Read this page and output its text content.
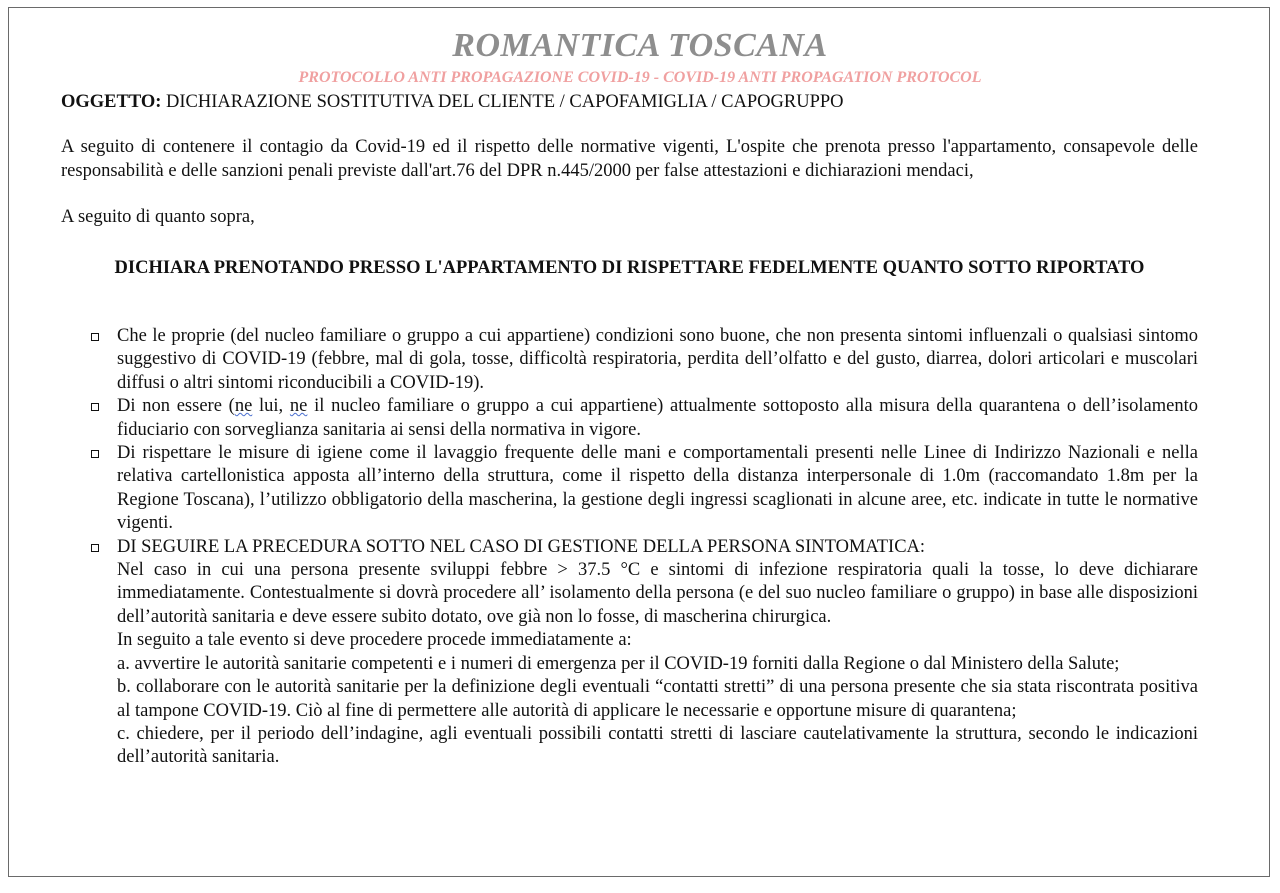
ROMANTICA TOSCANA
PROTOCOLLO ANTI PROPAGAZIONE COVID-19 - COVID-19 ANTI PROPAGATION PROTOCOL
OGGETTO: DICHIARAZIONE SOSTITUTIVA DEL CLIENTE / CAPOFAMIGLIA / CAPOGRUPPO
A seguito di contenere il contagio da Covid-19 ed il rispetto delle normative vigenti, L'ospite che prenota presso l'appartamento, consapevole delle responsabilità e delle sanzioni penali previste dall'art.76 del DPR n.445/2000 per false attestazioni e dichiarazioni mendaci,
A seguito di quanto sopra,
DICHIARA PRENOTANDO PRESSO L'APPARTAMENTO DI RISPETTARE FEDELMENTE QUANTO SOTTO RIPORTATO
Che le proprie (del nucleo familiare o gruppo a cui appartiene) condizioni sono buone, che non presenta sintomi influenzali o qualsiasi sintomo suggestivo di COVID-19 (febbre, mal di gola, tosse, difficoltà respiratoria, perdita dell’olfatto e del gusto, diarrea, dolori articolari e muscolari diffusi o altri sintomi riconducibili a COVID-19).
Di non essere (ne lui, ne il nucleo familiare o gruppo a cui appartiene) attualmente sottoposto alla misura della quarantena o dell’isolamento fiduciario con sorveglianza sanitaria ai sensi della normativa in vigore.
Di rispettare le misure di igiene come il lavaggio frequente delle mani e comportamentali presenti nelle Linee di Indirizzo Nazionali e nella relativa cartellonistica apposta all’interno della struttura, come il rispetto della distanza interpersonale di 1.0m (raccomandato 1.8m per la Regione Toscana), l’utilizzo obbligatorio della mascherina, la gestione degli ingressi scaglionati in alcune aree, etc. indicate in tutte le normative vigenti.
DI SEGUIRE LA PRECEDURA SOTTO NEL CASO DI GESTIONE DELLA PERSONA SINTOMATICA:
Nel caso in cui una persona presente sviluppi febbre > 37.5 °C e sintomi di infezione respiratoria quali la tosse, lo deve dichiarare immediatamente. Contestualmente si dovrà procedere all’ isolamento della persona (e del suo nucleo familiare o gruppo) in base alle disposizioni dell’autorità sanitaria e deve essere subito dotato, ove già non lo fosse, di mascherina chirurgica.
In seguito a tale evento si deve procedere procede immediatamente a:
a. avvertire le autorità sanitarie competenti e i numeri di emergenza per il COVID-19 forniti dalla Regione o dal Ministero della Salute;
b. collaborare con le autorità sanitarie per la definizione degli eventuali “contatti stretti” di una persona presente che sia stata riscontrata positiva al tampone COVID-19. Ciò al fine di permettere alle autorità di applicare le necessarie e opportune misure di quarantena;
c. chiedere, per il periodo dell’indagine, agli eventuali possibili contatti stretti di lasciare cautelativamente la struttura, secondo le indicazioni dell’autorità sanitaria.
